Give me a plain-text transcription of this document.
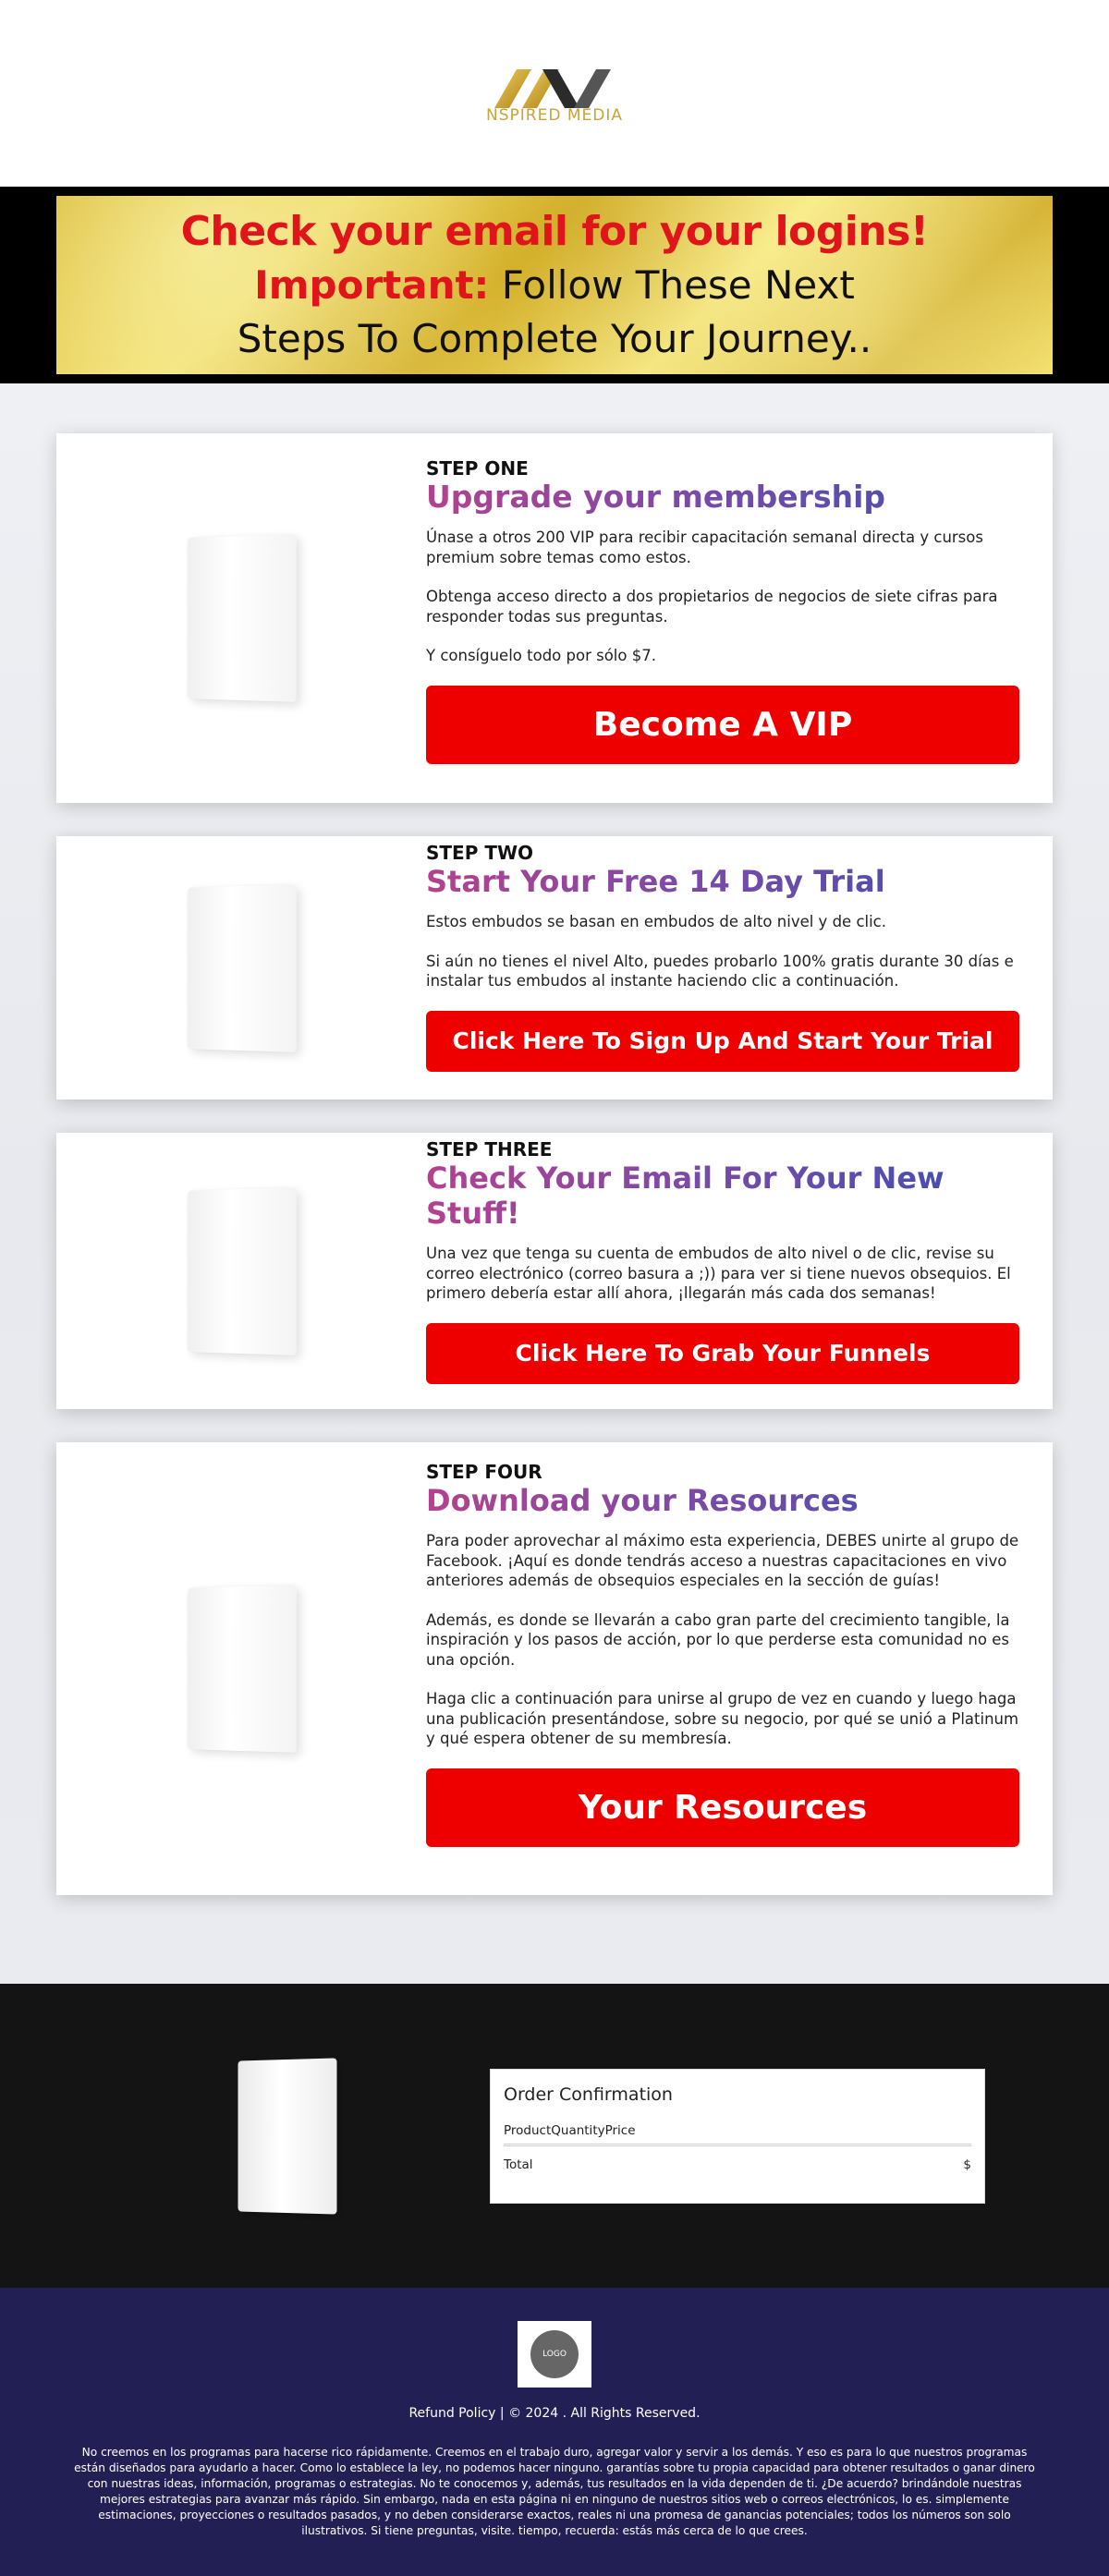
NSPIRED MEDIA
Check your email for your logins!
Important: Follow These Next
Steps To Complete Your Journey..
STEP ONE
Upgrade your membership

Únase a otros 200 VIP para recibir capacitación semanal directa y cursos premium sobre temas como estos.

Obtenga acceso directo a dos propietarios de negocios de siete cifras para responder todas sus preguntas.

Y consíguelo todo por sólo $7.

Become A VIP
STEP TWO
Start Your Free 14 Day Trial

Estos embudos se basan en embudos de alto nivel y de clic.

Si aún no tienes el nivel Alto, puedes probarlo 100% gratis durante 30 días e instalar tus embudos al instante haciendo clic a continuación.

Click Here To Sign Up And Start Your Trial
STEP THREE
Check Your Email For Your New Stuff!

Una vez que tenga su cuenta de embudos de alto nivel o de clic, revise su correo electrónico (correo basura a ;)) para ver si tiene nuevos obsequios. El primero debería estar allí ahora, ¡llegarán más cada dos semanas!

Click Here To Grab Your Funnels
STEP FOUR
Download your Resources

Para poder aprovechar al máximo esta experiencia, DEBES unirte al grupo de Facebook. ¡Aquí es donde tendrás acceso a nuestras capacitaciones en vivo anteriores además de obsequios especiales en la sección de guías!

Además, es donde se llevarán a cabo gran parte del crecimiento tangible, la inspiración y los pasos de acción, por lo que perderse esta comunidad no es una opción.

Haga clic a continuación para unirse al grupo de vez en cuando y luego haga una publicación presentándose, sobre su negocio, por qué se unió a Platinum y qué espera obtener de su membresía.

Your Resources
Order Confirmation
ProductQuantityPrice
Total	$
LOGO
Refund Policy | © 2024 . All Rights Reserved.

No creemos en los programas para hacerse rico rápidamente. Creemos en el trabajo duro, agregar valor y servir a los demás. Y eso es para lo que nuestros programas están diseñados para ayudarlo a hacer. Como lo establece la ley, no podemos hacer ninguno. garantías sobre tu propia capacidad para obtener resultados o ganar dinero con nuestras ideas, información, programas o estrategias. No te conocemos y, además, tus resultados en la vida dependen de ti. ¿De acuerdo? brindándole nuestras mejores estrategias para avanzar más rápido. Sin embargo, nada en esta página ni en ninguno de nuestros sitios web o correos electrónicos, lo es. simplemente estimaciones, proyecciones o resultados pasados, y no deben considerarse exactos, reales ni una promesa de ganancias potenciales; todos los números son solo ilustrativos. Si tiene preguntas, visite. tiempo, recuerda: estás más cerca de lo que crees.
